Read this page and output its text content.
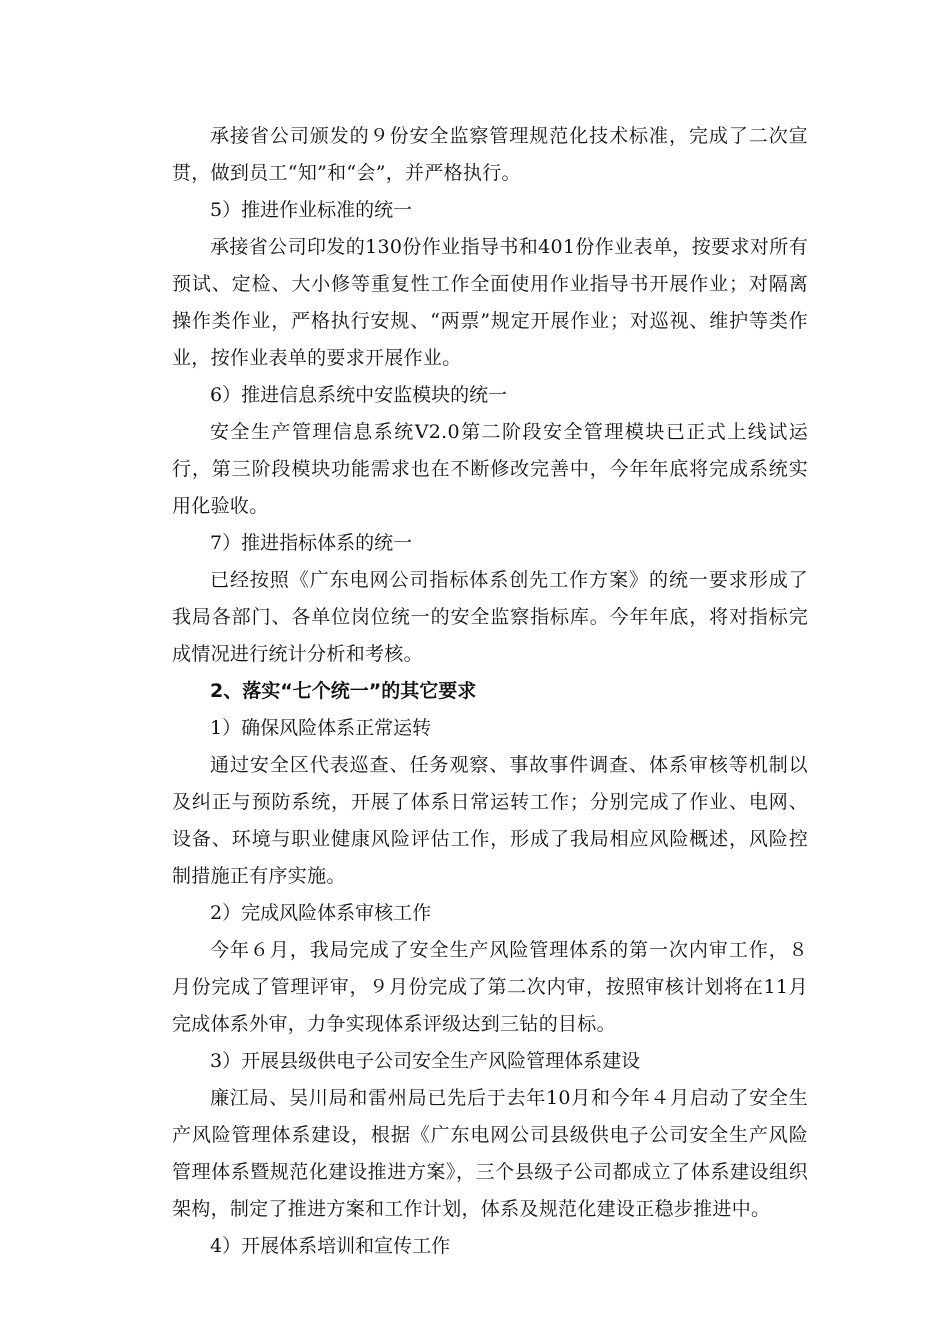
承接省公司颁发的９份安全监察管理规范化技术标准，完成了二次宣贯，做到员工“知”和“会”，并严格执行。

5）推进作业标准的统一

承接省公司印发的130份作业指导书和401份作业表单，按要求对所有预试、定检、大小修等重复性工作全面使用作业指导书开展作业；对隔离操作类作业，严格执行安规、“两票”规定开展作业；对巡视、维护等类作业，按作业表单的要求开展作业。

6）推进信息系统中安监模块的统一

安全生产管理信息系统V2.0第二阶段安全管理模块已正式上线试运行，第三阶段模块功能需求也在不断修改完善中，今年年底将完成系统实用化验收。

7）推进指标体系的统一

已经按照《广东电网公司指标体系创先工作方案》的统一要求形成了我局各部门、各单位岗位统一的安全监察指标库。今年年底，将对指标完成情况进行统计分析和考核。

2、落实“七个统一”的其它要求

1）确保风险体系正常运转

通过安全区代表巡查、任务观察、事故事件调查、体系审核等机制以及纠正与预防系统，开展了体系日常运转工作；分别完成了作业、电网、设备、环境与职业健康风险评估工作，形成了我局相应风险概述，风险控制措施正有序实施。

2）完成风险体系审核工作

今年６月，我局完成了安全生产风险管理体系的第一次内审工作，８月份完成了管理评审，９月份完成了第二次内审，按照审核计划将在11月完成体系外审，力争实现体系评级达到三钻的目标。

3）开展县级供电子公司安全生产风险管理体系建设

廉江局、吴川局和雷州局已先后于去年10月和今年４月启动了安全生产风险管理体系建设，根据《广东电网公司县级供电子公司安全生产风险管理体系暨规范化建设推进方案》，三个县级子公司都成立了体系建设组织架构，制定了推进方案和工作计划，体系及规范化建设正稳步推进中。

4）开展体系培训和宣传工作
